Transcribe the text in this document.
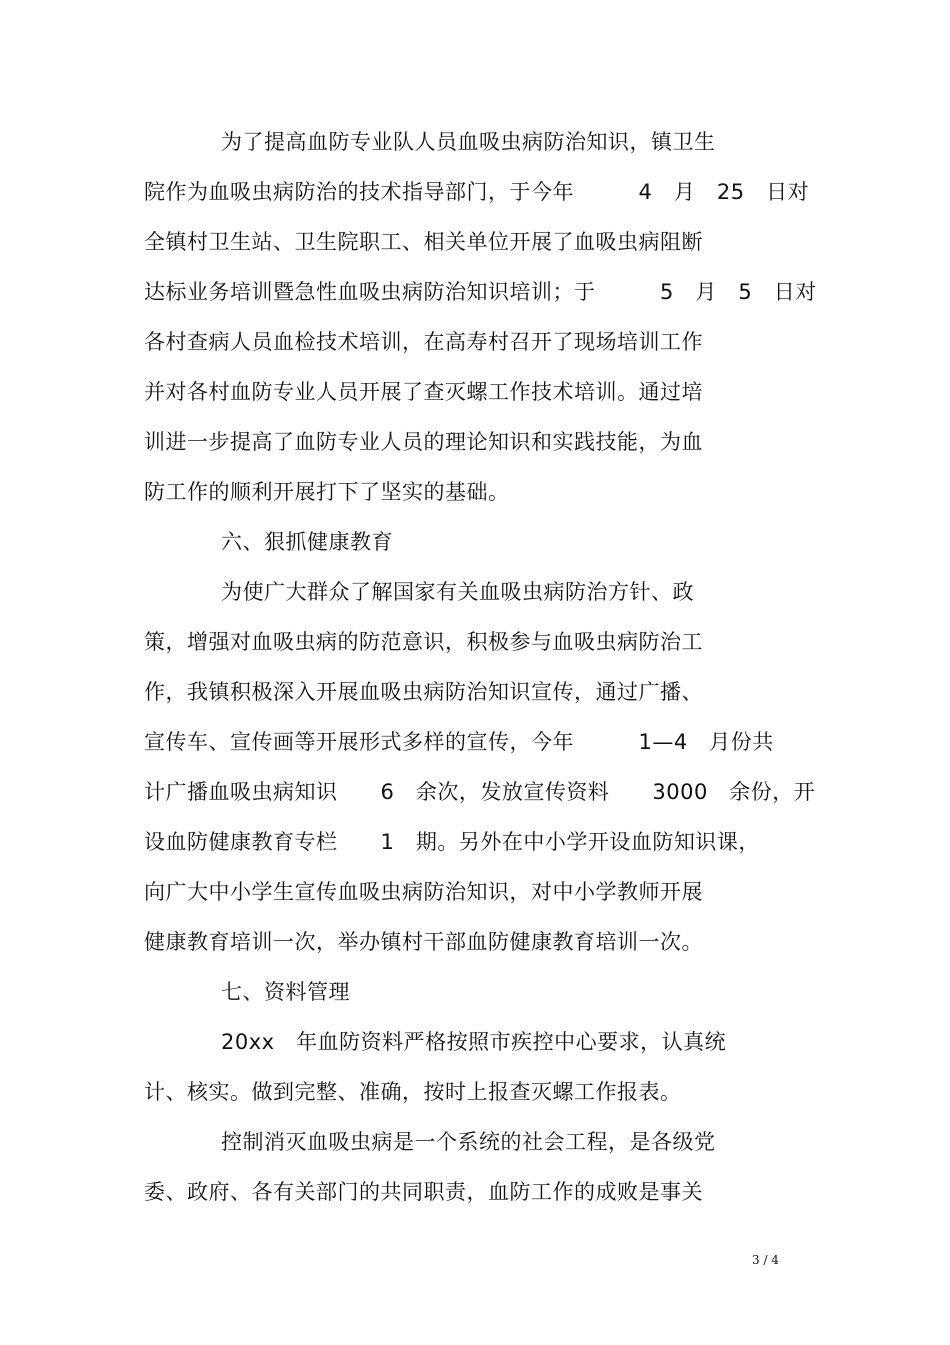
为了提高血防专业队人员血吸虫病防治知识，镇卫生
院作为血吸虫病防治的技术指导部门，于今年　　　4　月　25　日对
全镇村卫生站、卫生院职工、相关单位开展了血吸虫病阻断
达标业务培训暨急性血吸虫病防治知识培训；于　　　5　月　5　日对
各村查病人员血检技术培训，在高寿村召开了现场培训工作
并对各村血防专业人员开展了查灭螺工作技术培训。通过培
训进一步提高了血防专业人员的理论知识和实践技能，为血
防工作的顺利开展打下了坚实的基础。
六、狠抓健康教育
为使广大群众了解国家有关血吸虫病防治方针、政
策，增强对血吸虫病的防范意识，积极参与血吸虫病防治工
作，我镇积极深入开展血吸虫病防治知识宣传，通过广播、
宣传车、宣传画等开展形式多样的宣传，今年　　　1—4　月份共
计广播血吸虫病知识　　6　余次，发放宣传资料　　3000　余份，开
设血防健康教育专栏　　1　期。另外在中小学开设血防知识课，
向广大中小学生宣传血吸虫病防治知识，对中小学教师开展
健康教育培训一次，举办镇村干部血防健康教育培训一次。
七、资料管理
20xx　年血防资料严格按照市疾控中心要求，认真统
计、核实。做到完整、准确，按时上报查灭螺工作报表。
控制消灭血吸虫病是一个系统的社会工程，是各级党
委、政府、各有关部门的共同职责，血防工作的成败是事关
3 / 4
